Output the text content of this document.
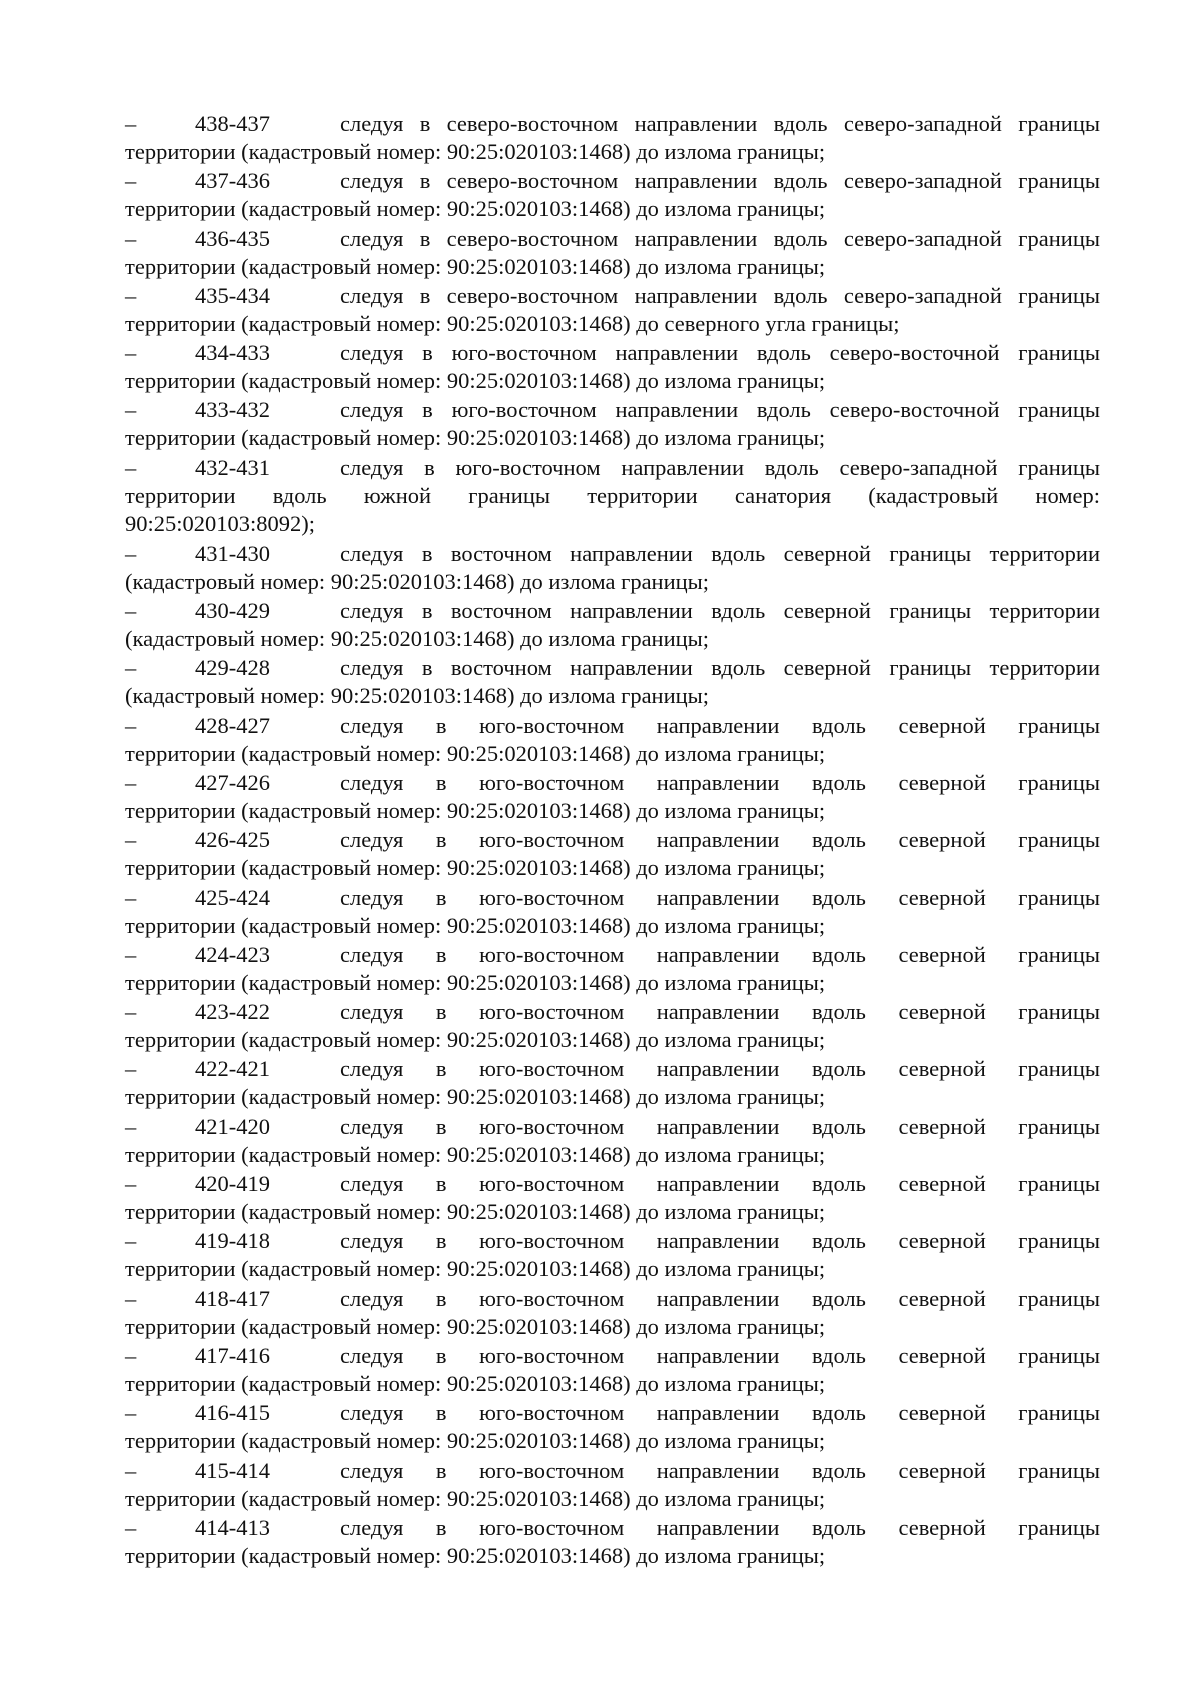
–	438-437	следуя в северо-восточном направлении вдоль северо-западной границы
территории (кадастровый номер: 90:25:020103:1468) до излома границы;
–	437-436	следуя в северо-восточном направлении вдоль северо-западной границы
территории (кадастровый номер: 90:25:020103:1468) до излома границы;
–	436-435	следуя в северо-восточном направлении вдоль северо-западной границы
территории (кадастровый номер: 90:25:020103:1468) до излома границы;
–	435-434	следуя в северо-восточном направлении вдоль северо-западной границы
территории (кадастровый номер: 90:25:020103:1468) до северного угла границы;
–	434-433	следуя в юго-восточном направлении вдоль северо-восточной границы
территории (кадастровый номер: 90:25:020103:1468) до излома границы;
–	433-432	следуя в юго-восточном направлении вдоль северо-восточной границы
территории (кадастровый номер: 90:25:020103:1468) до излома границы;
–	432-431	следуя в юго-восточном направлении вдоль северо-западной границы
территории вдоль южной границы территории санатория (кадастровый номер:
90:25:020103:8092);
–	431-430	следуя в восточном направлении вдоль северной границы территории
(кадастровый номер: 90:25:020103:1468) до излома границы;
–	430-429	следуя в восточном направлении вдоль северной границы территории
(кадастровый номер: 90:25:020103:1468) до излома границы;
–	429-428	следуя в восточном направлении вдоль северной границы территории
(кадастровый номер: 90:25:020103:1468) до излома границы;
–	428-427	следуя в юго-восточном направлении вдоль северной границы
территории (кадастровый номер: 90:25:020103:1468) до излома границы;
–	427-426	следуя в юго-восточном направлении вдоль северной границы
территории (кадастровый номер: 90:25:020103:1468) до излома границы;
–	426-425	следуя в юго-восточном направлении вдоль северной границы
территории (кадастровый номер: 90:25:020103:1468) до излома границы;
–	425-424	следуя в юго-восточном направлении вдоль северной границы
территории (кадастровый номер: 90:25:020103:1468) до излома границы;
–	424-423	следуя в юго-восточном направлении вдоль северной границы
территории (кадастровый номер: 90:25:020103:1468) до излома границы;
–	423-422	следуя в юго-восточном направлении вдоль северной границы
территории (кадастровый номер: 90:25:020103:1468) до излома границы;
–	422-421	следуя в юго-восточном направлении вдоль северной границы
территории (кадастровый номер: 90:25:020103:1468) до излома границы;
–	421-420	следуя в юго-восточном направлении вдоль северной границы
территории (кадастровый номер: 90:25:020103:1468) до излома границы;
–	420-419	следуя в юго-восточном направлении вдоль северной границы
территории (кадастровый номер: 90:25:020103:1468) до излома границы;
–	419-418	следуя в юго-восточном направлении вдоль северной границы
территории (кадастровый номер: 90:25:020103:1468) до излома границы;
–	418-417	следуя в юго-восточном направлении вдоль северной границы
территории (кадастровый номер: 90:25:020103:1468) до излома границы;
–	417-416	следуя в юго-восточном направлении вдоль северной границы
территории (кадастровый номер: 90:25:020103:1468) до излома границы;
–	416-415	следуя в юго-восточном направлении вдоль северной границы
территории (кадастровый номер: 90:25:020103:1468) до излома границы;
–	415-414	следуя в юго-восточном направлении вдоль северной границы
территории (кадастровый номер: 90:25:020103:1468) до излома границы;
–	414-413	следуя в юго-восточном направлении вдоль северной границы
территории (кадастровый номер: 90:25:020103:1468) до излома границы;
